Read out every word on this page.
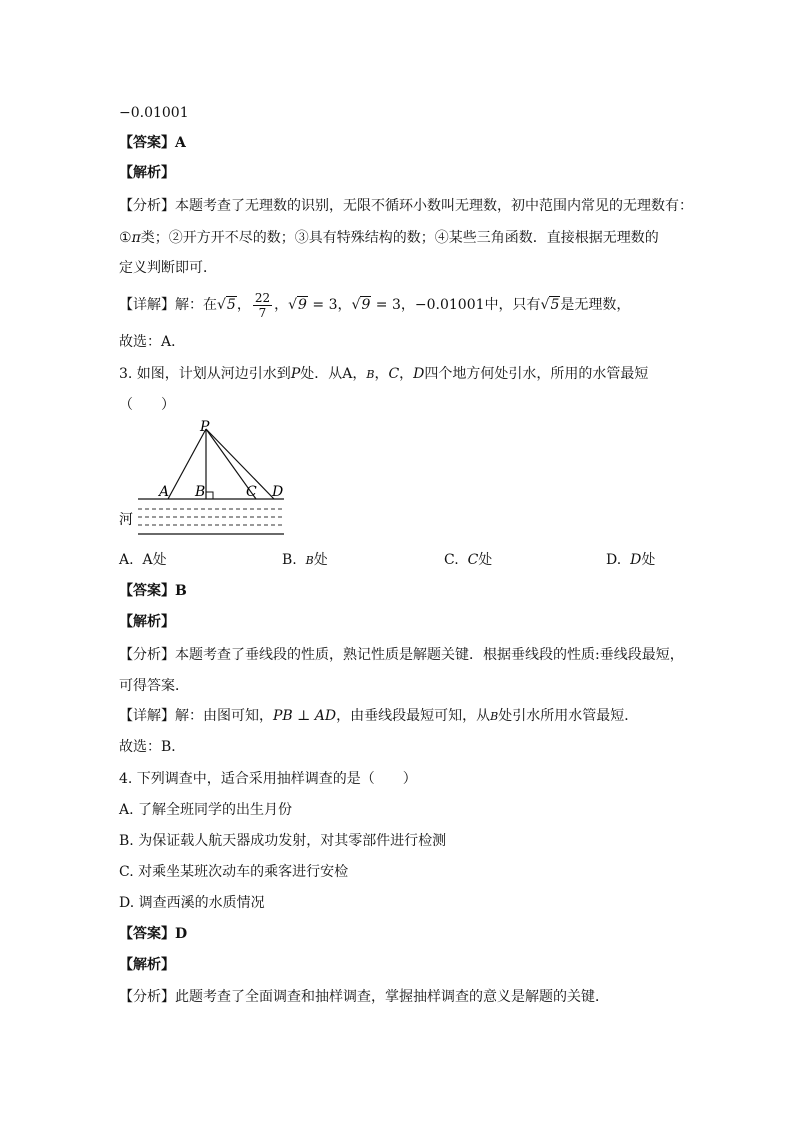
−0.01001
【答案】A
【解析】
【分析】本题考查了无理数的识别，无限不循环小数叫无理数，初中范围内常见的无理数有：
①π类；②开方开不尽的数；③具有特殊结构的数；④某些三角函数．直接根据无理数的
定义判断即可．
【详解】解：在√5， $\frac{22}{7}$ ，√9 = 3，√9 = 3，−0.01001中，只有√5是无理数，
故选：A．
3. 如图，计划从河边引水到P处．从A，B，C，D四个地方何处引水，所用的水管最短
（　　）
P
A B	C D
河
A. A处	B. B处	C. C处	D. D处
【答案】B
【解析】
【分析】本题考查了垂线段的性质，熟记性质是解题关键．根据垂线段的性质:垂线段最短，
可得答案．
【详解】解：由图可知，PB ⊥ AD，由垂线段最短可知，从B处引水所用水管最短．
故选：B．
4. 下列调查中，适合采用抽样调查的是（　　）
A. 了解全班同学的出生月份
B. 为保证载人航天器成功发射，对其零部件进行检测
C. 对乘坐某班次动车的乘客进行安检
D. 调查西溪的水质情况
【答案】D
【解析】
【分析】此题考查了全面调查和抽样调查，掌握抽样调查的意义是解题的关键．
